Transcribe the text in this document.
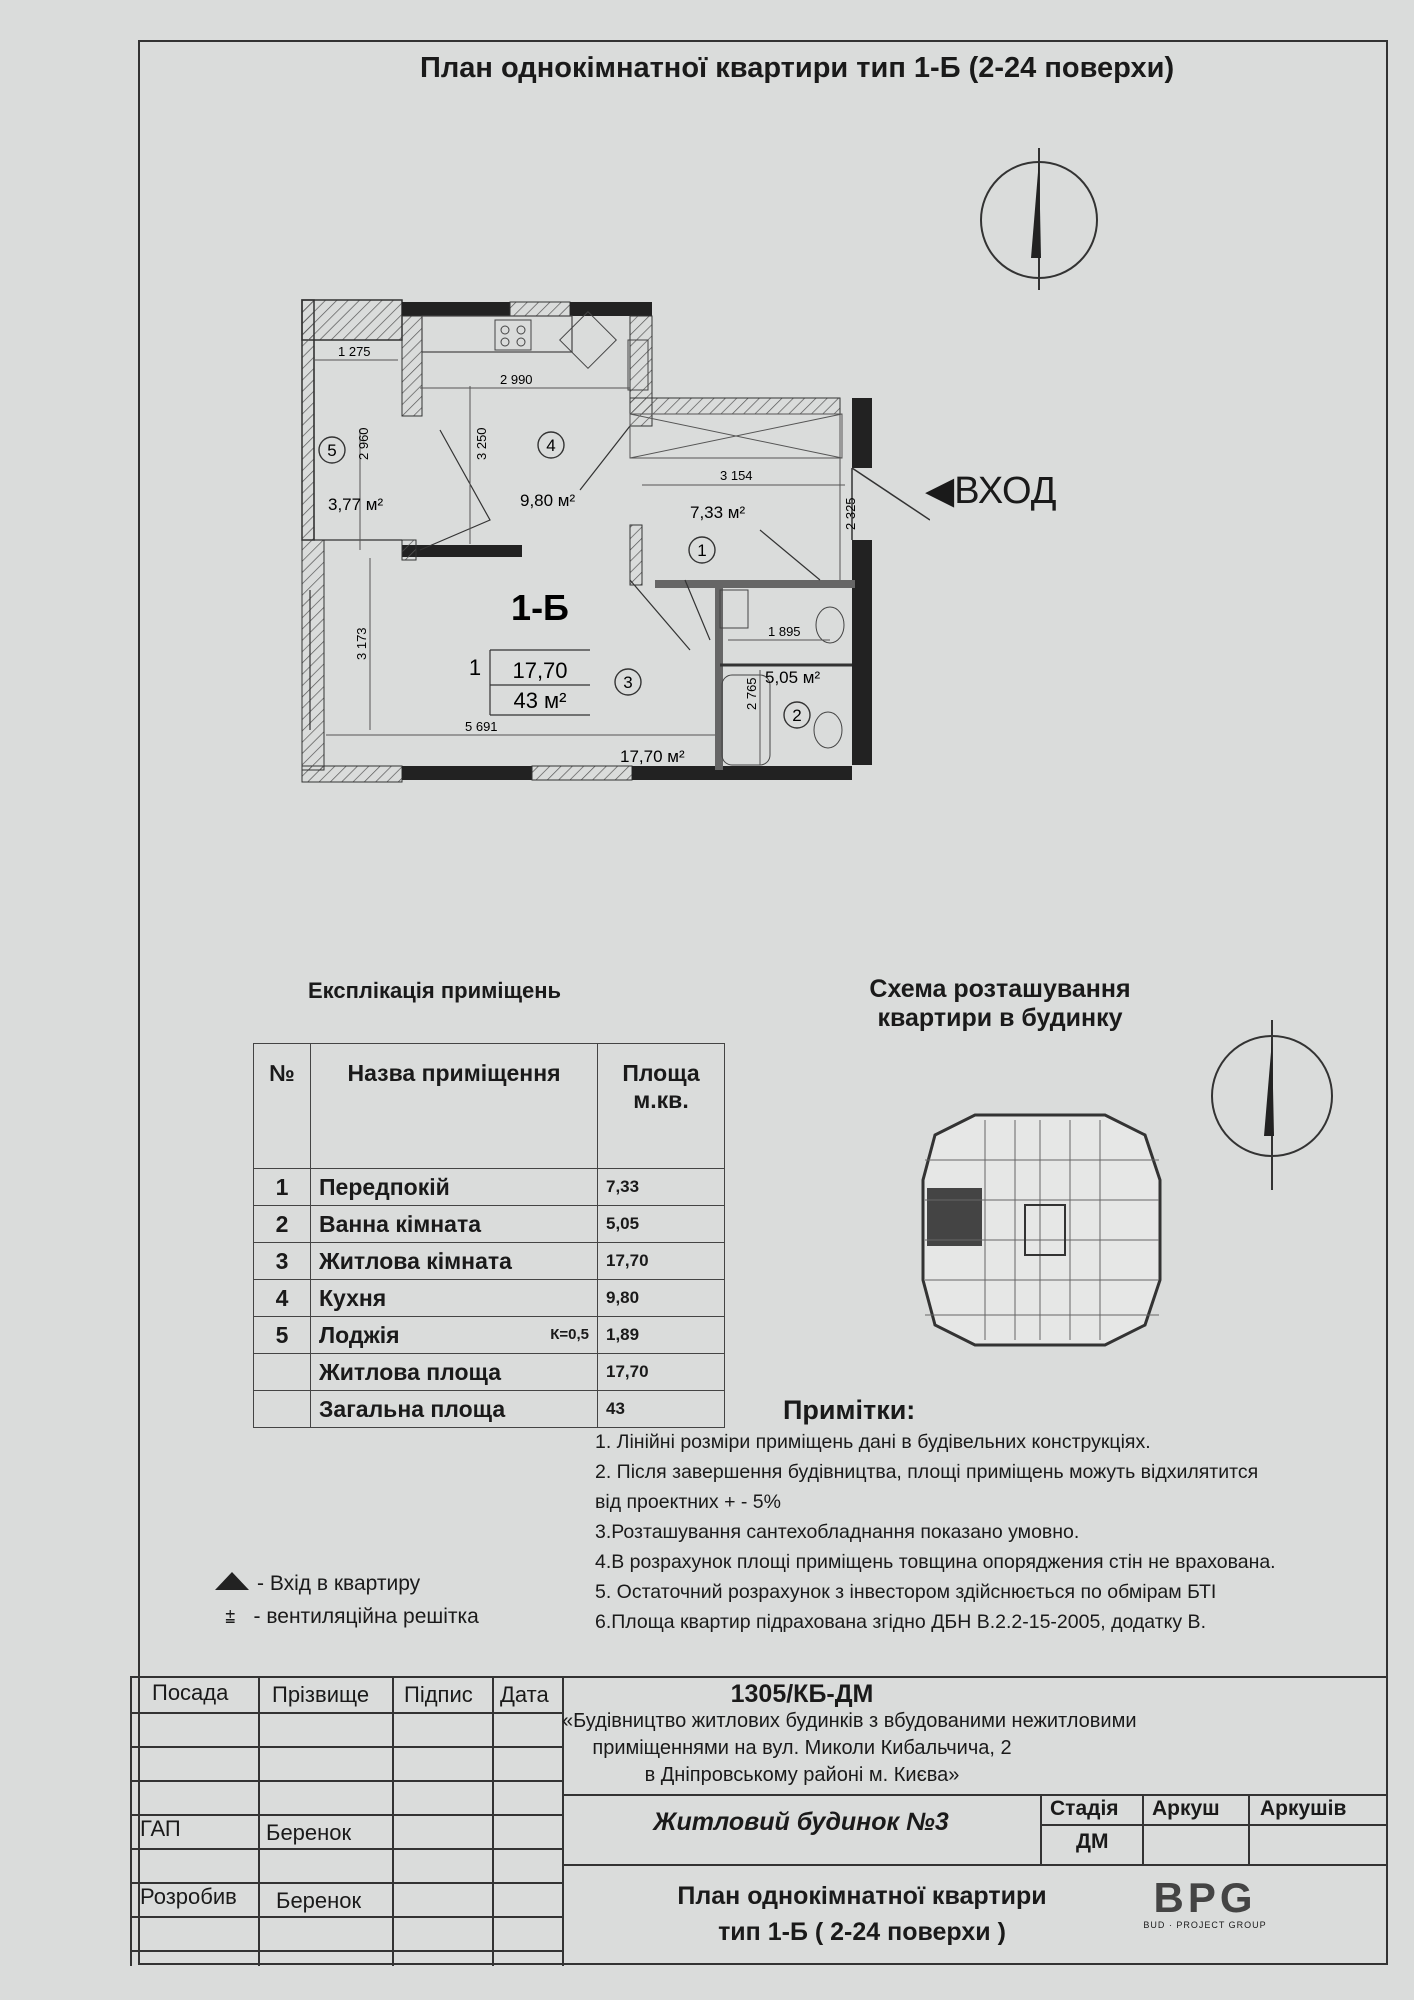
План однокімнатної квартири тип 1-Б (2-24 поверхи)
5	4
1
3
2
3,77 м²	9,80 м²
7,33 м²
5,05 м²
17,70 м²
1-Б
1 17,70
43 м²
1 275
2 990
2 960	3 250
3 154
2 325
1 895
2 765
3 173
5 691
◀ВХОД
Експлікація приміщень
№	Назва приміщення	Площа м.кв.
1	Передпокій	7,33
2	Ванна кімната	5,05
3	Житлова кімната	17,70
4	Кухня	9,80
5	Лоджія К=0,5	1,89
	Житлова площа	17,70
	Загальна площа	43
Схема розташування
квартири в будинку
Примітки:
1. Лінійні розміри приміщень дані в будівельних конструкціях.
2. Після завершення будівництва, площі приміщень можуть відхилятится
від проектних + - 5%
3.Розташування сантехобладнання показано умовно.
4.В розрахунок площі приміщень товщина опоряджения стін не врахована.
5. Остаточний розрахунок з інвестором здійснюється по обмірам БТІ
6.Площа квартир підрахована згідно ДБН В.2.2-15-2005, додатку В.
- Вхід в квартиру
⩲ - вентиляційна решітка
Посада Прізвище Підпис Дата
ГАП	Беренок
Розробив Беренок
1305/КБ-ДМ
«Будівництво житлових будинків з вбудованими нежитловими
приміщеннями на вул. Миколи Кибальчича, 2
в Дніпровському районі м. Києва»
Житловий будинок №3	Стадія Аркуш Аркушів
ДМ
План однокімнатної квартири
тип 1-Б ( 2-24 поверхи )
BPG
BUD · PROJECT GROUP
